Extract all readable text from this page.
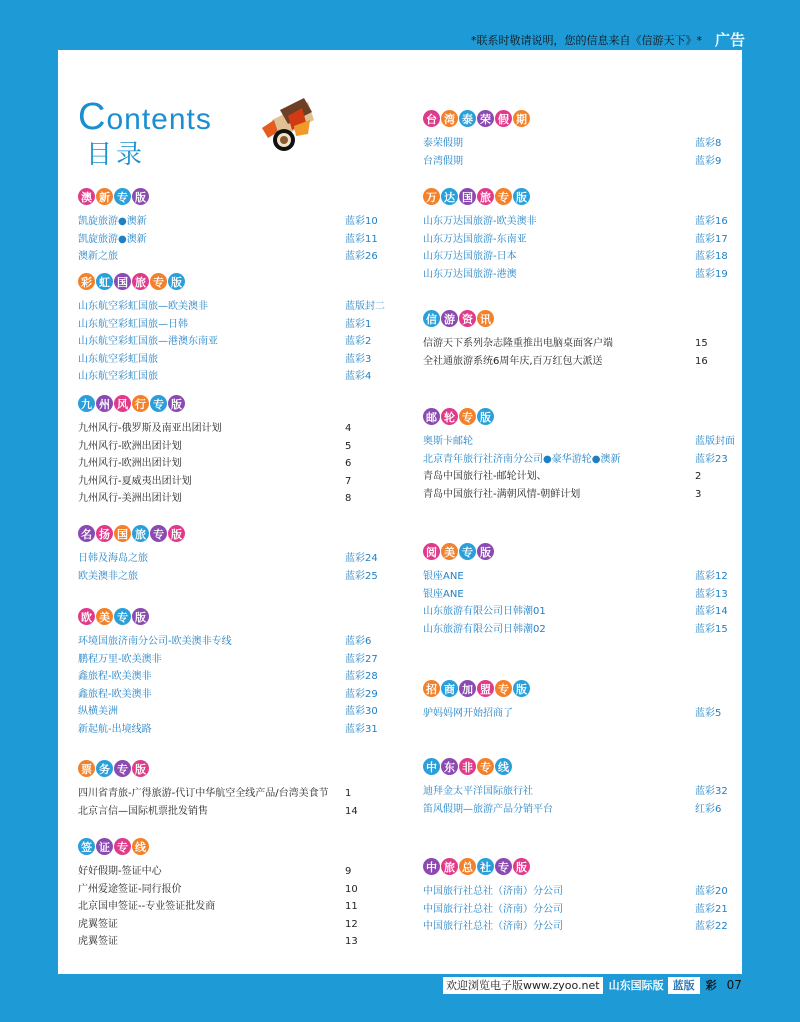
*联系时敬请说明，您的信息来自《信游天下》* 广告
Contents
目录
澳 新 专 版
凯旋旅游●澳新	蓝彩10
凯旋旅游●澳新	蓝彩11
澳新之旅	蓝彩26
彩 虹 国 旅 专 版
山东航空彩虹国旅—欧美澳非	蓝版封二
山东航空彩虹国旅—日韩	蓝彩1
山东航空彩虹国旅—港澳东南亚	蓝彩2
山东航空彩虹国旅	蓝彩3
山东航空彩虹国旅	蓝彩4
九 州 风 行 专 版
九州风行-俄罗斯及南亚出团计划	4
九州风行-欧洲出团计划	5
九州风行-欧洲出团计划	6
九州风行-夏威夷出团计划	7
九州风行-美洲出团计划	8
名 扬 国 旅 专 版
日韩及海岛之旅	蓝彩24
欧美澳非之旅	蓝彩25
欧 美 专 版
环境国旅济南分公司-欧美澳非专线	蓝彩6
鹏程万里-欧美澳非	蓝彩27
鑫旅程-欧美澳非	蓝彩28
鑫旅程-欧美澳非	蓝彩29
纵横美洲	蓝彩30
新起航-出境线路	蓝彩31
票 务 专 版
四川省青旅-广得旅游-代订中华航空全线产品/台湾美食节 1
北京言信—国际机票批发销售	14
签 证 专 线
好好假期-签证中心	9
广州爱途签证-同行报价	10
北京国申签证--专业签证批发商	11
虎翼签证	12
虎翼签证	13
台 湾 泰 荣 假 期
泰荣假期	蓝彩8
台湾假期	蓝彩9
万 达 国 旅 专 版
山东万达国旅游-欧美澳非	蓝彩16
山东万达国旅游-东南亚	蓝彩17
山东万达国旅游-日本	蓝彩18
山东万达国旅游-港澳	蓝彩19
信 游 资 讯
信游天下系列杂志隆重推出电脑桌面客户端	15
全社通旅游系统6周年庆,百万红包大派送	16
邮 轮 专 版
奥斯卡邮轮	蓝版封面
北京青年旅行社济南分公司●豪华游轮●澳新	蓝彩23
青岛中国旅行社-邮轮计划、	2
青岛中国旅行社-满朝风情-朝鲜计划	3
阅 美 专 版
银座ANE	蓝彩12
银座ANE	蓝彩13
山东旅游有限公司日韩潮01	蓝彩14
山东旅游有限公司日韩潮02	蓝彩15
招 商 加 盟 专 版
驴妈妈网开始招商了	蓝彩5
中 东 非 专 线
迪拜金太平洋国际旅行社	蓝彩32
笛风假期—旅游产品分销平台	红彩6
中 旅 总 社 专 版
中国旅行社总社（济南）分公司	蓝彩20
中国旅行社总社（济南）分公司	蓝彩21
中国旅行社总社（济南）分公司	蓝彩22
欢迎浏览电子版www.zyoo.net 山东国际版 蓝版	彩 07
